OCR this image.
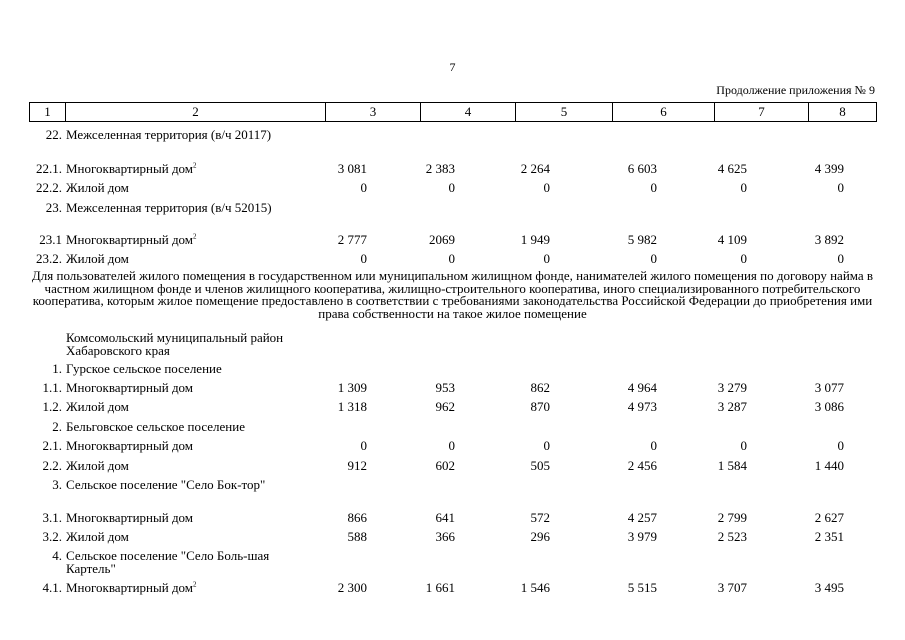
7
Продолжение приложения № 9
1	2	3	4	5	6	7	8
22. Межселенная территория (в/ч 20117)
22.1. Многоквартирный дом$^2$	3 081	2 383	2 264	6 603	4 625	4 399
22.2. Жилой дом	0	0	0	0	0	0
23. Межселенная территория (в/ч 52015)
23.1 Многоквартирный дом$^2$	2 777	2069	1 949	5 982	4 109	3 892
23.2. Жилой дом	0	0	0	0	0	0
Для пользователей жилого помещения в государственном или муниципальном жилищном фонде, нанимателей жилого помещения по договору найма в частном жилищном фонде и членов жилищного кооператива, жилищно-строительного кооператива, иного специализированного потребительского кооператива, которым жилое помещение предоставлено в соответствии с требованиями законодательства Российской Федерации до приобретения ими права собственности на такое жилое помещение
Комсомольский муниципальный район Хабаровского края
1. Гурское сельское поселение
1.1. Многоквартирный дом	1 309	953	862	4 964	3 279	3 077
1.2. Жилой дом	1 318	962	870	4 973	3 287	3 086
2. Бельговское сельское поселение
2.1. Многоквартирный дом	0	0	0	0	0	0
2.2. Жилой дом	912	602	505	2 456	1 584	1 440
3. Сельское поселение "Село Бок-тор"
3.1. Многоквартирный дом	866	641	572	4 257	2 799	2 627
3.2. Жилой дом	588	366	296	3 979	2 523	2 351
4. Сельское поселение "Село Боль-шая Картель"
4.1. Многоквартирный дом$^2$	2 300	1 661	1 546	5 515	3 707	3 495
